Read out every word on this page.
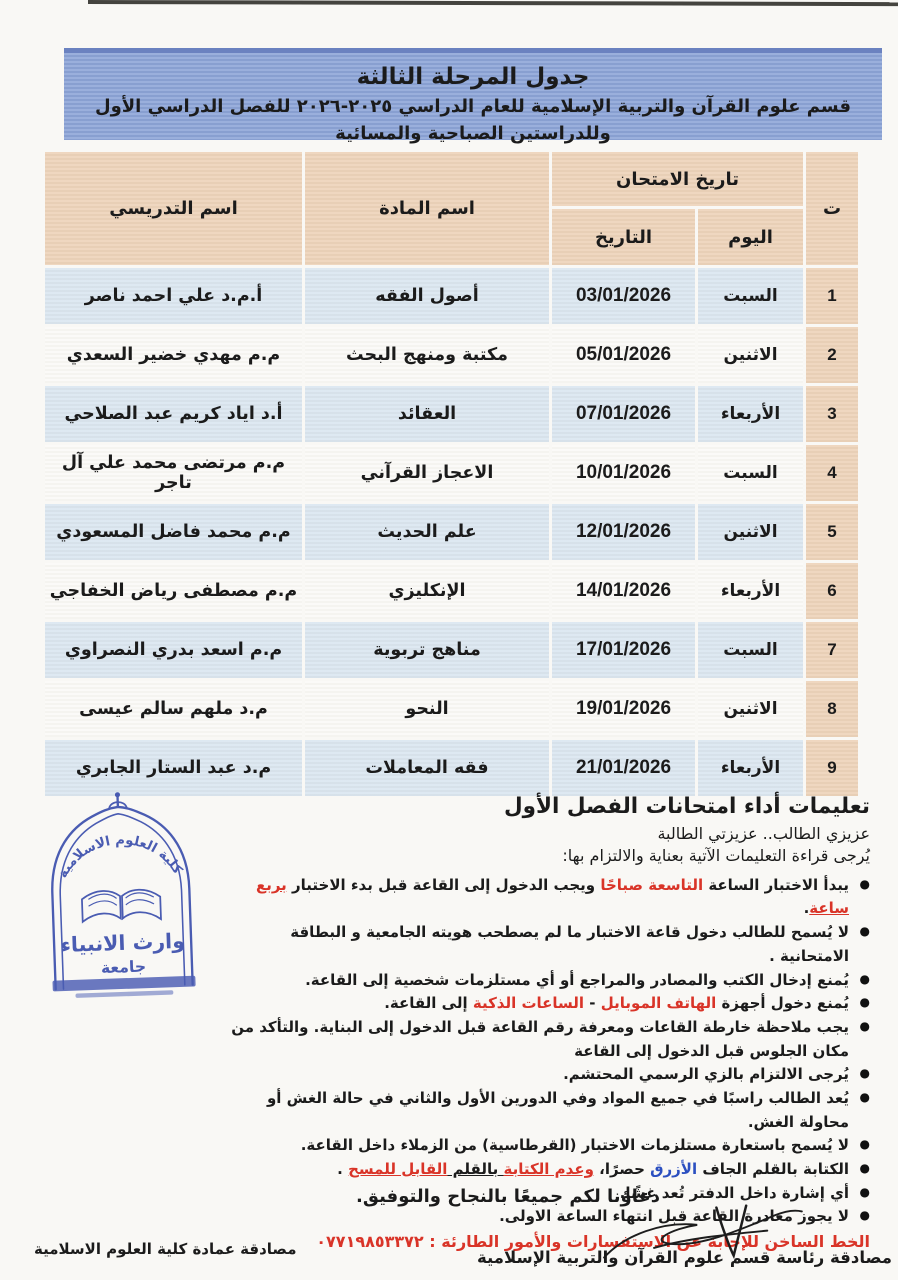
جدول المرحلة الثالثة
قسم علوم القرآن والتربية الإسلامية للعام الدراسي ٢٠٢٥-٢٠٢٦ للفصل الدراسي الأول وللدراستين الصباحية والمسائية
ت
تاريخ الامتحان
اسم المادة
اسم التدريسي
اليوم
التاريخ
1
السبت
03/01/2026
أصول الفقه
أ.م.د علي احمد ناصر
2
الاثنين
05/01/2026
مكتبة ومنهج البحث
م.م مهدي خضير السعدي
3
الأربعاء
07/01/2026
العقائد
أ.د اياد كريم عبد الصلاحي
4
السبت
10/01/2026
الاعجاز القرآني
م.م مرتضى محمد علي آل تاجر
5
الاثنين
12/01/2026
علم الحديث
م.م محمد فاضل المسعودي
6
الأربعاء
14/01/2026
الإنكليزي
م.م مصطفى رياض الخفاجي
7
السبت
17/01/2026
مناهج تربوية
م.م اسعد بدري النصراوي
8
الاثنين
19/01/2026
النحو
م.د ملهم سالم عيسى
9
الأربعاء
21/01/2026
فقه المعاملات
م.د عبد الستار الجابري
تعليمات أداء امتحانات الفصل الأول
عزيزي الطالب.. عزيزتي الطالبة
يُرجى قراءة التعليمات الآتية بعناية والالتزام بها:
● يبدأ الاختبار الساعة التاسعة صباحًا ويجب الدخول إلى القاعة قبل بدء الاختبار بربع ساعة.
● لا يُسمح للطالب دخول قاعة الاختبار ما لم يصطحب هويته الجامعية و البطاقة الامتحانية .
● يُمنع إدخال الكتب والمصادر والمراجع أو أي مستلزمات شخصية إلى القاعة.
● يُمنع دخول أجهزة الهاتف الموبايل - الساعات الذكية إلى القاعة.
● يجب ملاحظة خارطة القاعات ومعرفة رقم القاعة قبل الدخول إلى البناية. والتأكد من مكان الجلوس قبل الدخول إلى القاعة
● يُرجى الالتزام بالزي الرسمي المحتشم.
● يُعد الطالب راسبًا في جميع المواد وفي الدورين الأول والثاني في حالة الغش أو محاولة الغش.
● لا يُسمح باستعارة مستلزمات الاختبار (القرطاسية) من الزملاء داخل القاعة.
● الكتابة بالقلم الجاف الأزرق حصرًا، وعدم الكتابة بالقلم القابل للمسح .
● أي إشارة داخل الدفتر تُعد غشًا.
● لا يجوز مغادرة القاعة قبل انتهاء الساعة الاولى.
الخط الساخن للإجابة عن الاستفسارات والأمور الطارئة : ٠٧٧١٩٨٥٣٣٧٢
كلية العلوم الاسلامية
وارث الانبياء
جامعة
دعاؤنا لكم جميعًا بالنجاح والتوفيق.
مصادقة رئاسة قسم علوم القرآن والتربية الإسلامية
مصادقة عمادة كلية العلوم الاسلامية
